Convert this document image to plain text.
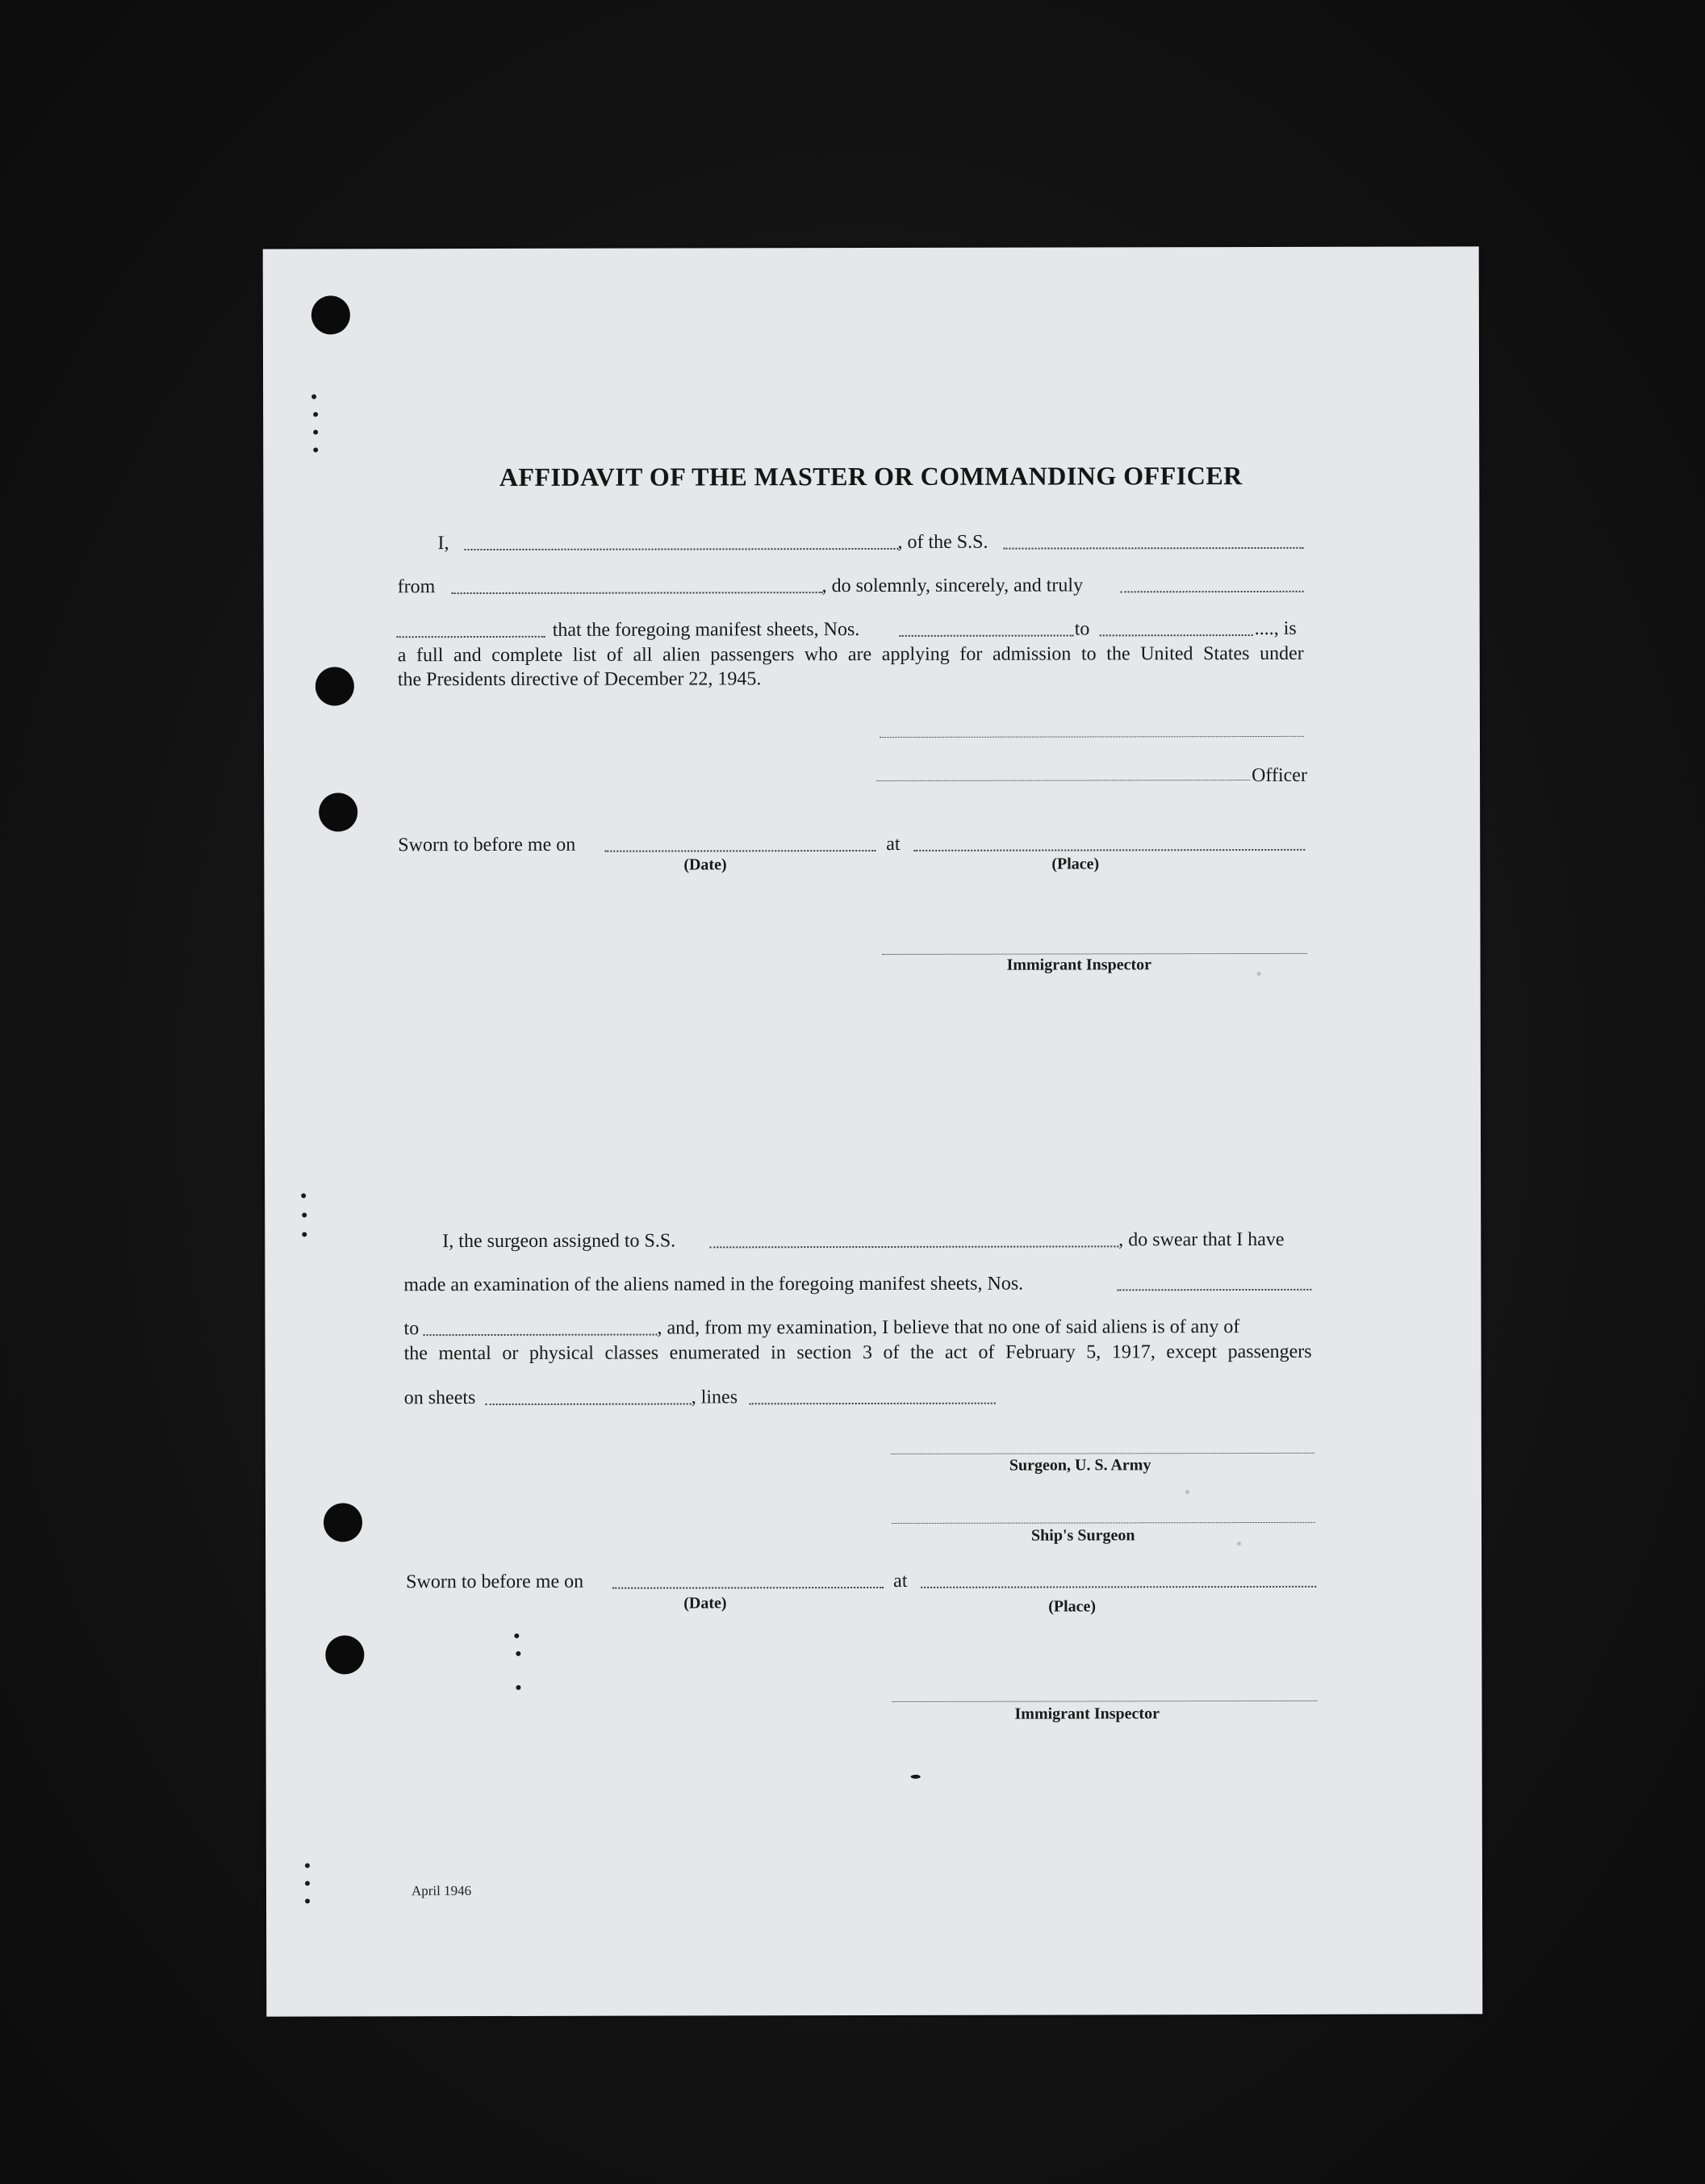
AFFIDAVIT OF THE MASTER OR COMMANDING OFFICER
I,	, of the S.S.
from	, do solemnly, sincerely, and truly
that the foregoing manifest sheets, Nos.	to	...., is
a full and complete list of all alien passengers who are applying for admission to the United States under
the Presidents directive of December 22, 1945.
Officer
Sworn to before me on	at
(Date)	(Place)
Immigrant Inspector
I, the surgeon assigned to S.S.	, do swear that I have
made an examination of the aliens named in the foregoing manifest sheets, Nos.
to	, and, from my examination, I believe that no one of said aliens is of any of
the mental or physical classes enumerated in section 3 of the act of February 5, 1917, except passengers
on sheets	, lines
Surgeon, U. S. Army
Ship's Surgeon
Sworn to before me on	at
(Date)	(Place)
Immigrant Inspector
April 1946
